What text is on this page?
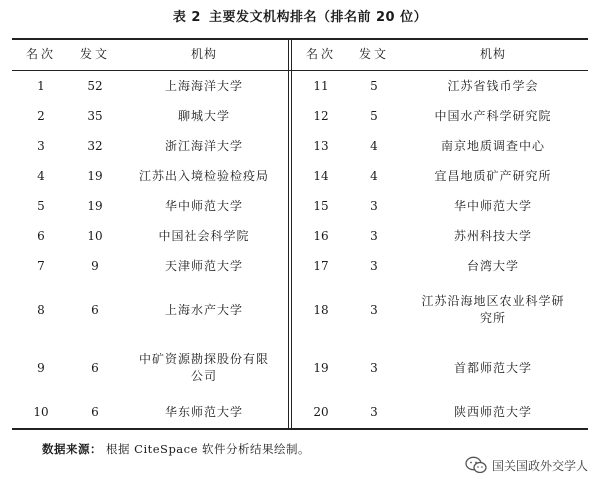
表 2 主要发文机构排名（排名前 20 位）
名次	发文	机构
1	52	上海海洋大学
2	35	聊城大学
3	32	浙江海洋大学
4	19	江苏出入境检验检疫局
5	19	华中师范大学
6	10	中国社会科学院
7	9	天津师范大学
8	6	上海水产大学
9	6
中矿资源勘探股份有限
公司
10	6	华东师范大学
名次	发文	机构
11	5	江苏省钱币学会
12	5	中国水产科学研究院
13	4	南京地质调查中心
14	4	宜昌地质矿产研究所
15	3	华中师范大学
16	3	苏州科技大学
17	3	台湾大学
18	3
江苏沿海地区农业科学研
究所
19	3	首都师范大学
20	3	陕西师范大学
数据来源： 根据 CiteSpace 软件分析结果绘制。
国关国政外交学人
